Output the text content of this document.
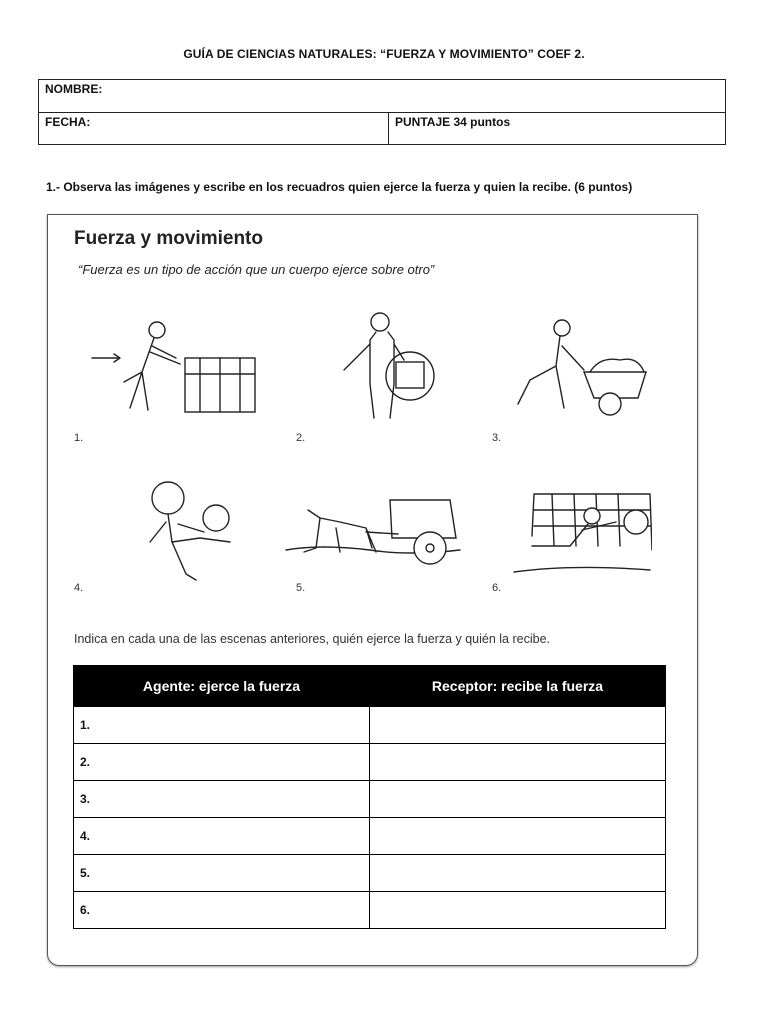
GUÍA DE CIENCIAS NATURALES: “FUERZA Y MOVIMIENTO” COEF 2.
NOMBRE:
FECHA:	PUNTAJE 34 puntos
1.- Observa las imágenes y escribe en los recuadros quien ejerce la fuerza y quien la recibe. (6 puntos)
Fuerza y movimiento
“Fuerza es un tipo de acción que un cuerpo ejerce sobre otro”
1.	2.	3.
4.	5.	6.
Indica en cada una de las escenas anteriores, quién ejerce la fuerza y quién la recibe.
Agente: ejerce la fuerza	Receptor: recibe la fuerza
1.	
2.	
3.	
4.	
5.	
6.	
